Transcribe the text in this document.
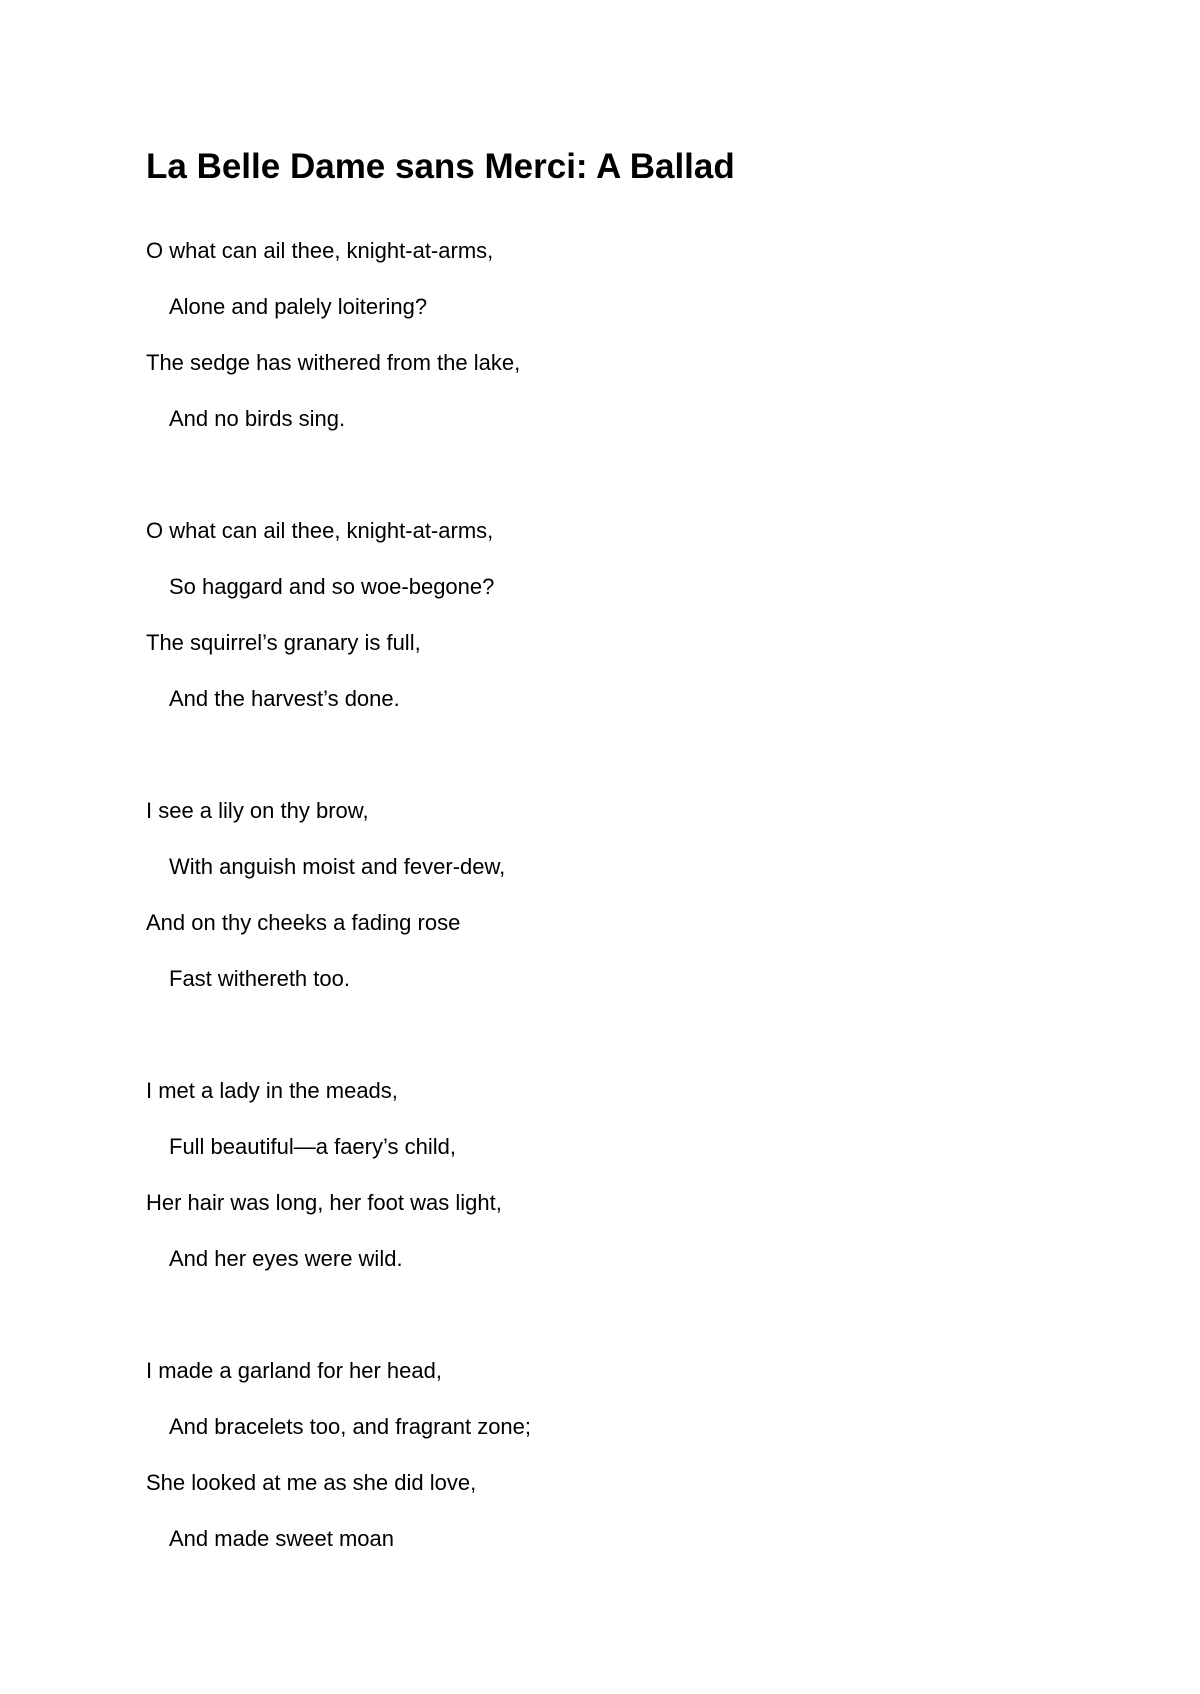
La Belle Dame sans Merci: A Ballad

O what can ail thee, knight-at-arms,

Alone and palely loitering?

The sedge has withered from the lake,

And no birds sing.

O what can ail thee, knight-at-arms,

So haggard and so woe-begone?

The squirrel’s granary is full,

And the harvest’s done.

I see a lily on thy brow,

With anguish moist and fever-dew,

And on thy cheeks a fading rose

Fast withereth too.

I met a lady in the meads,

Full beautiful—a faery’s child,

Her hair was long, her foot was light,

And her eyes were wild.

I made a garland for her head,

And bracelets too, and fragrant zone;

She looked at me as she did love,

And made sweet moan
